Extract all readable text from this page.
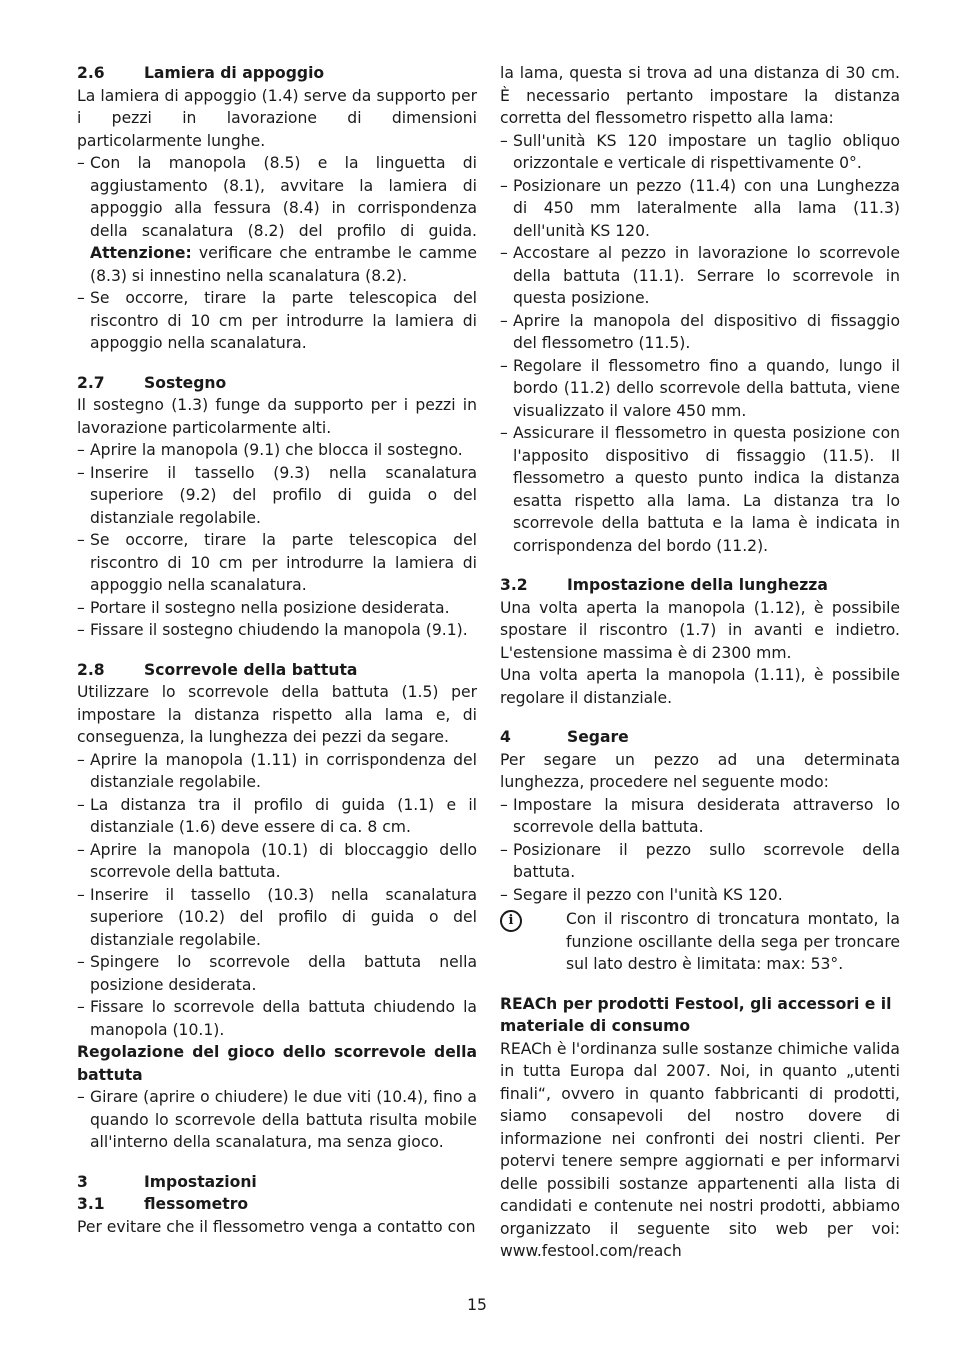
2.6	Lamiera di appoggio

La lamiera di appoggio (1.4) serve da supporto per i pezzi in lavorazione di dimensioni particolarmente lunghe.

– Con la manopola (8.5) e la linguetta di aggiustamento (8.1), avvitare la lamiera di appoggio alla fessura (8.4) in corrispondenza della scanalatura (8.2) del profilo di guida. Attenzione: verificare che entrambe le camme (8.3) si innestino nella scanalatura (8.2).
– Se occorre, tirare la parte telescopica del riscontro di 10 cm per introdurre la lamiera di appoggio nella scanalatura.
2.7	Sostegno

Il sostegno (1.3) funge da supporto per i pezzi in lavorazione particolarmente alti.

– Aprire la manopola (9.1) che blocca il sostegno.
– Inserire il tassello (9.3) nella scanalatura superiore (9.2) del profilo di guida o del distanziale regolabile.
– Se occorre, tirare la parte telescopica del riscontro di 10 cm per introdurre la lamiera di appoggio nella scanalatura.
– Portare il sostegno nella posizione desiderata.
– Fissare il sostegno chiudendo la manopola (9.1).
2.8	Scorrevole della battuta

Utilizzare lo scorrevole della battuta (1.5) per impostare la distanza rispetto alla lama e, di conseguenza, la lunghezza dei pezzi da segare.

– Aprire la manopola (1.11) in corrispondenza del distanziale regolabile.
– La distanza tra il profilo di guida (1.1) e il distanziale (1.6) deve essere di ca. 8 cm.
– Aprire la manopola (10.1) di bloccaggio dello scorrevole della battuta.
– Inserire il tassello (10.3) nella scanalatura superiore (10.2) del profilo di guida o del distanziale regolabile.
– Spingere lo scorrevole della battuta nella posizione desiderata.
– Fissare lo scorrevole della battuta chiudendo la manopola (10.1).
Regolazione del gioco dello scorrevole della battuta
– Girare (aprire o chiudere) le due viti (10.4), fino a quando lo scorrevole della battuta risulta mobile all'interno della scanalatura, ma senza gioco.
3	Impostazioni
3.1	flessometro

Per evitare che il flessometro venga a contatto con

la lama, questa si trova ad una distanza di 30 cm. È necessario pertanto impostare la distanza corretta del flessometro rispetto alla lama:

– Sull'unità KS 120 impostare un taglio obliquo orizzontale e verticale di rispettivamente 0°.
– Posizionare un pezzo (11.4) con una Lunghezza di 450 mm lateralmente alla lama (11.3) dell'unità KS 120.
– Accostare al pezzo in lavorazione lo scorrevole della battuta (11.1). Serrare lo scorrevole in questa posizione.
– Aprire la manopola del dispositivo di fissaggio del flessometro (11.5).
– Regolare il flessometro fino a quando, lungo il bordo (11.2) dello scorrevole della battuta, viene visualizzato il valore 450 mm.
– Assicurare il flessometro in questa posizione con l'apposito dispositivo di fissaggio (11.5). Il flessometro a questo punto indica la distanza esatta rispetto alla lama. La distanza tra lo scorrevole della battuta e la lama è indicata in corrispondenza del bordo (11.2).
3.2	Impostazione della lunghezza

Una volta aperta la manopola (1.12), è possibile spostare il riscontro (1.7) in avanti e indietro. L'estensione massima è di 2300 mm.

Una volta aperta la manopola (1.11), è possibile regolare il distanziale.

4	Segare

Per segare un pezzo ad una determinata lunghezza, procedere nel seguente modo:

– Impostare la misura desiderata attraverso lo scorrevole della battuta.
– Posizionare il pezzo sullo scorrevole della battuta.
– Segare il pezzo con l'unità KS 120.
i	Con il riscontro di troncatura montato, la funzione oscillante della sega per troncare sul lato destro è limitata: max: 53°.
REACh per prodotti Festool, gli accessori e il materiale di consumo

REACh è l'ordinanza sulle sostanze chimiche valida in tutta Europa dal 2007. Noi, in quanto „utenti finali“, ovvero in quanto fabbricanti di prodotti, siamo consapevoli del nostro dovere di informazione nei confronti dei nostri clienti. Per potervi tenere sempre aggiornati e per informarvi delle possibili sostanze appartenenti alla lista di candidati e contenute nei nostri prodotti, abbiamo organizzato il seguente sito web per voi: www.festool.com/reach

15
